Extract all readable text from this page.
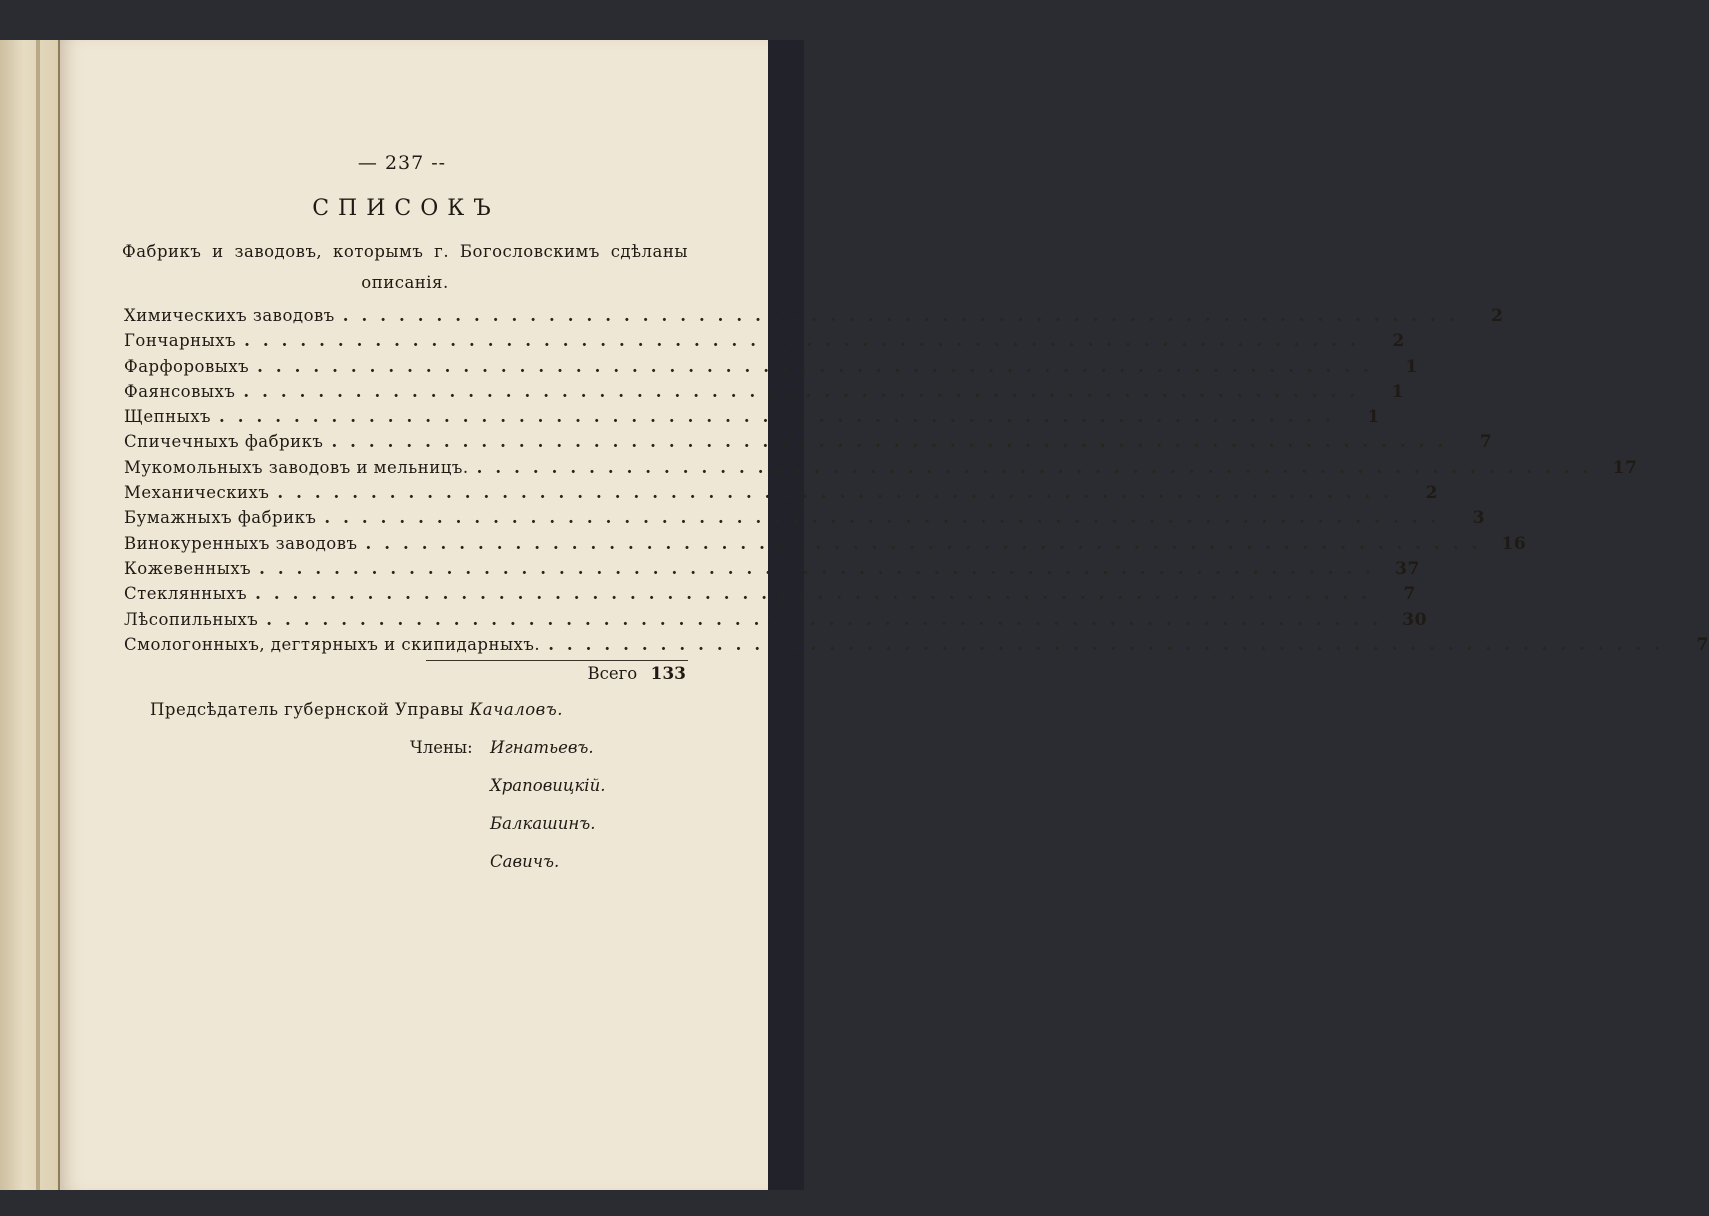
— 237 --
СПИСОКЪ
Фабрикъ и заводовъ, которымъ г. Богословскимъ сдѣланы описанія.
Химическихъ заводовъ ............................................................	2
Гончарныхъ ............................................................	2
Фарфоровыхъ ............................................................	1
Фаянсовыхъ ............................................................	1
Щепныхъ ............................................................	1
Спичечныхъ фабрикъ ............................................................	7
Мукомольныхъ заводовъ и мельницъ. ............................................................ 17
Механическихъ ............................................................	2
Бумажныхъ фабрикъ ............................................................	3
Винокуренныхъ заводовъ ............................................................ 16
Кожевенныхъ ............................................................ 37
Стеклянныхъ ............................................................	7
Лѣсопильныхъ ............................................................ 30
Смологонныхъ, дегтярныхъ и скипидарныхъ. ............................................................	7
Всего 133
Предсѣдатель губернской Управы Качаловъ.
Члены: Игнатьевъ.
Храповицкій.
Балкашинъ.
Савичъ.
